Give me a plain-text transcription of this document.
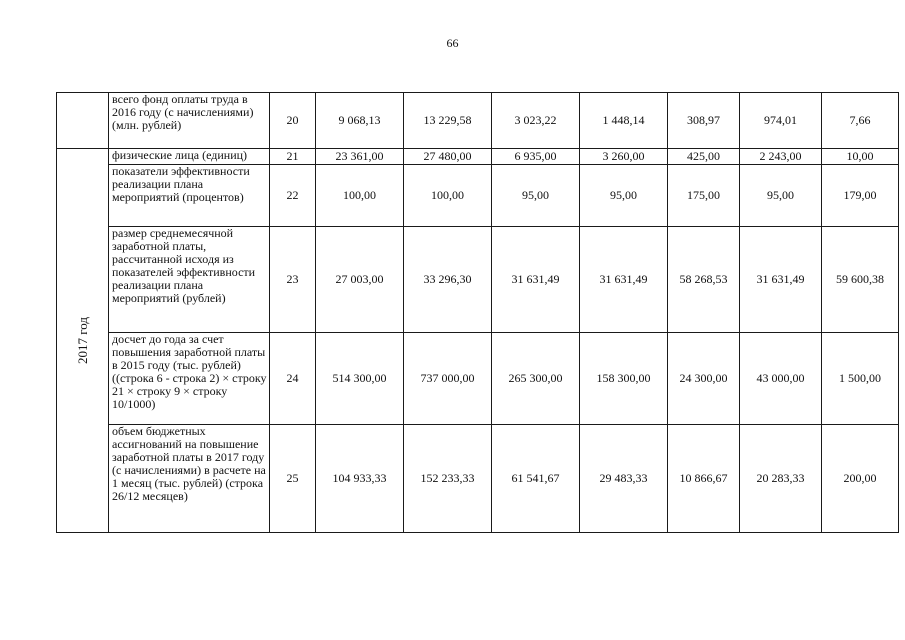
66
	всего фонд оплаты труда в 2016 году (с начислениями) (млн. рублей)	20	9 068,13	13 229,58	3 023,22	1 448,14	308,97	974,01	7,66
2017 год	физические лица (единиц)	21	23 361,00	27 480,00	6 935,00	3 260,00	425,00	2 243,00	10,00
	показатели эффективности реализации плана мероприятий (процентов)	22	100,00	100,00	95,00	95,00	175,00	95,00	179,00
	размер среднемесячной заработной платы, рассчитанной исходя из показателей эффективности реализации плана мероприятий (рублей)	23	27 003,00	33 296,30	31 631,49	31 631,49	58 268,53	31 631,49	59 600,38
	досчет до года за счет повышения заработной платы в 2015 году (тыс. рублей) ((строка 6 - строка 2) × строку 21 × строку 9 × строку 10/1000)	24	514 300,00	737 000,00	265 300,00	158 300,00	24 300,00	43 000,00	1 500,00
	объем бюджетных ассигнований на повышение заработной платы в 2017 году (с начислениями) в расчете на 1 месяц (тыс. рублей) (строка 26/12 месяцев)	25	104 933,33	152 233,33	61 541,67	29 483,33	10 866,67	20 283,33	200,00
